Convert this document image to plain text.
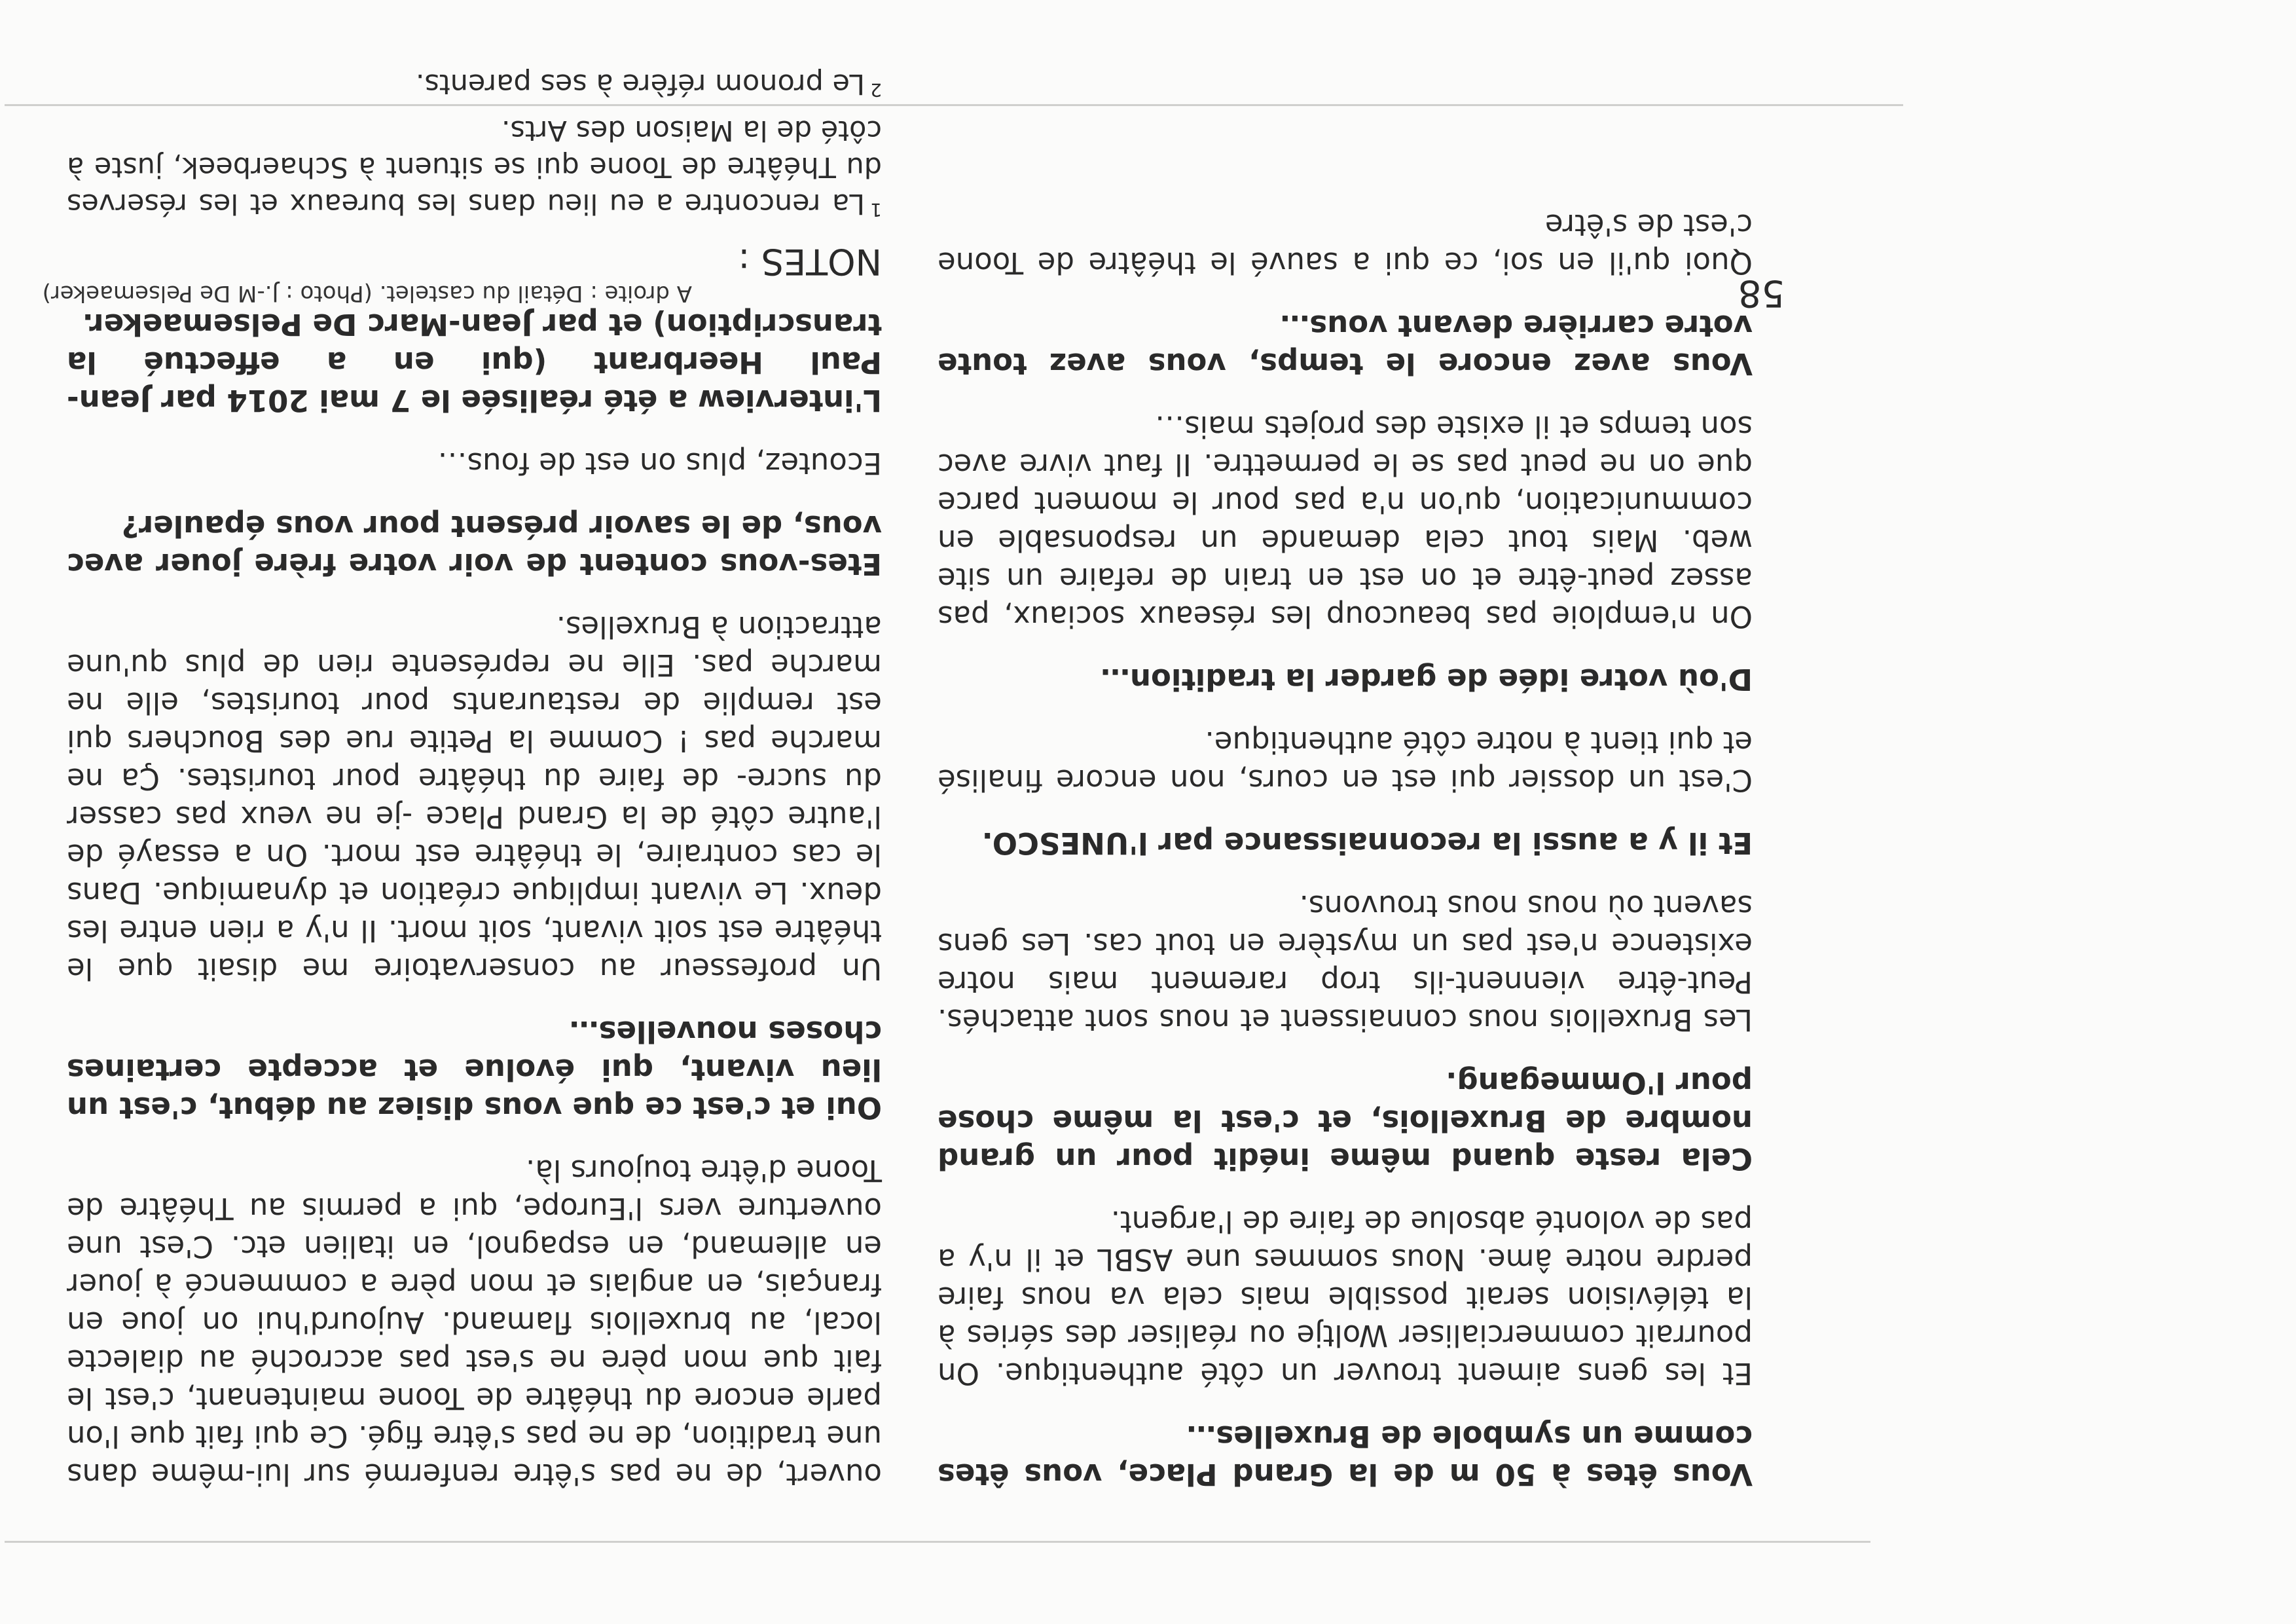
Vous êtes à 50 m de la Grand Place, vous êtes comme un symbole de Bruxelles…

Et les gens aiment trouver un côté authentique. On pourrait commercialiser Woltje ou réaliser des séries à la télévision serait possible mais cela va nous faire perdre notre âme. Nous sommes une ASBL et il n'y a pas de volonté absolue de faire de l'argent.

Cela reste quand même inédit pour un grand nombre de Bruxellois, et c'est la même chose pour l'Ommegang.

Les Bruxellois nous connaissent et nous sont attachés. Peut-être viennent-ils trop rarement mais notre existence n'est pas un mystère en tout cas. Les gens savent où nous nous trouvons.

Et il y a aussi la reconnaissance par l'UNESCO.

C'est un dossier qui est en cours, non encore finalisé et qui tient à notre côté authentique.

D'où votre idée de garder la tradition…

On n'emploie pas beaucoup les réseaux sociaux, pas assez peut-être et on est en train de refaire un site web. Mais tout cela demande un responsable en communication, qu'on n'a pas pour le moment parce que on ne peut pas se le permettre. Il faut vivre avec son temps et il existe des projets mais…

Vous avez encore le temps, vous avez toute votre carrière devant vous…

Quoi qu'il en soi, ce qui a sauvé le théâtre de Toone c'est de s'être

ouvert, de ne pas s'être renfermé sur lui-même dans une tradition, de ne pas s'être figé. Ce qui fait que l'on parle encore du théâtre de Toone maintenant, c'est le fait que mon père ne s'est pas accroché au dialecte local, au bruxellois flamand. Aujourd'hui on joue en français, en anglais et mon père a commencé à jouer en allemand, en espagnol, en italien etc. C'est une ouverture vers l'Europe, qui a permis au Théâtre de Toone d'être toujours là.

Oui et c'est ce que vous disiez au début, c'est un lieu vivant, qui évolue et accepte certaines choses nouvelles…

Un professeur au conservatoire me disait que le théâtre est soit vivant, soit mort. Il n'y a rien entre les deux. Le vivant implique création et dynamique. Dans le cas contraire, le théâtre est mort. On a essayé de l'autre côté de la Grand Place -je ne veux pas casser du sucre- de faire du théâtre pour touristes. Ça ne marche pas ! Comme la Petite rue des Bouchers qui est remplie de restaurants pour touristes, elle ne marche pas. Elle ne représente rien de plus qu'une attraction à Bruxelles.

Etes-vous content de voir votre frère jouer avec vous, de le savoir présent pour vous épauler?

Ecoutez, plus on est de fous…

L'interview a été réalisée le 7 mai 2014 par Jean-Paul Heerbrant (qui en a effectué la transcription) et par Jean-Marc De Pelsemaeker.

NOTES :

$^1$La rencontre a eu lieu dans les bureaux et les réserves du Théâtre de Toone qui se situent à Schaerbeek, juste à côté de la Maison des Arts.

$^2$Le pronom réfère à ses parents.

58
A droite : Détail du castelet. (Photo : J.-M De Pelsemaeker)
